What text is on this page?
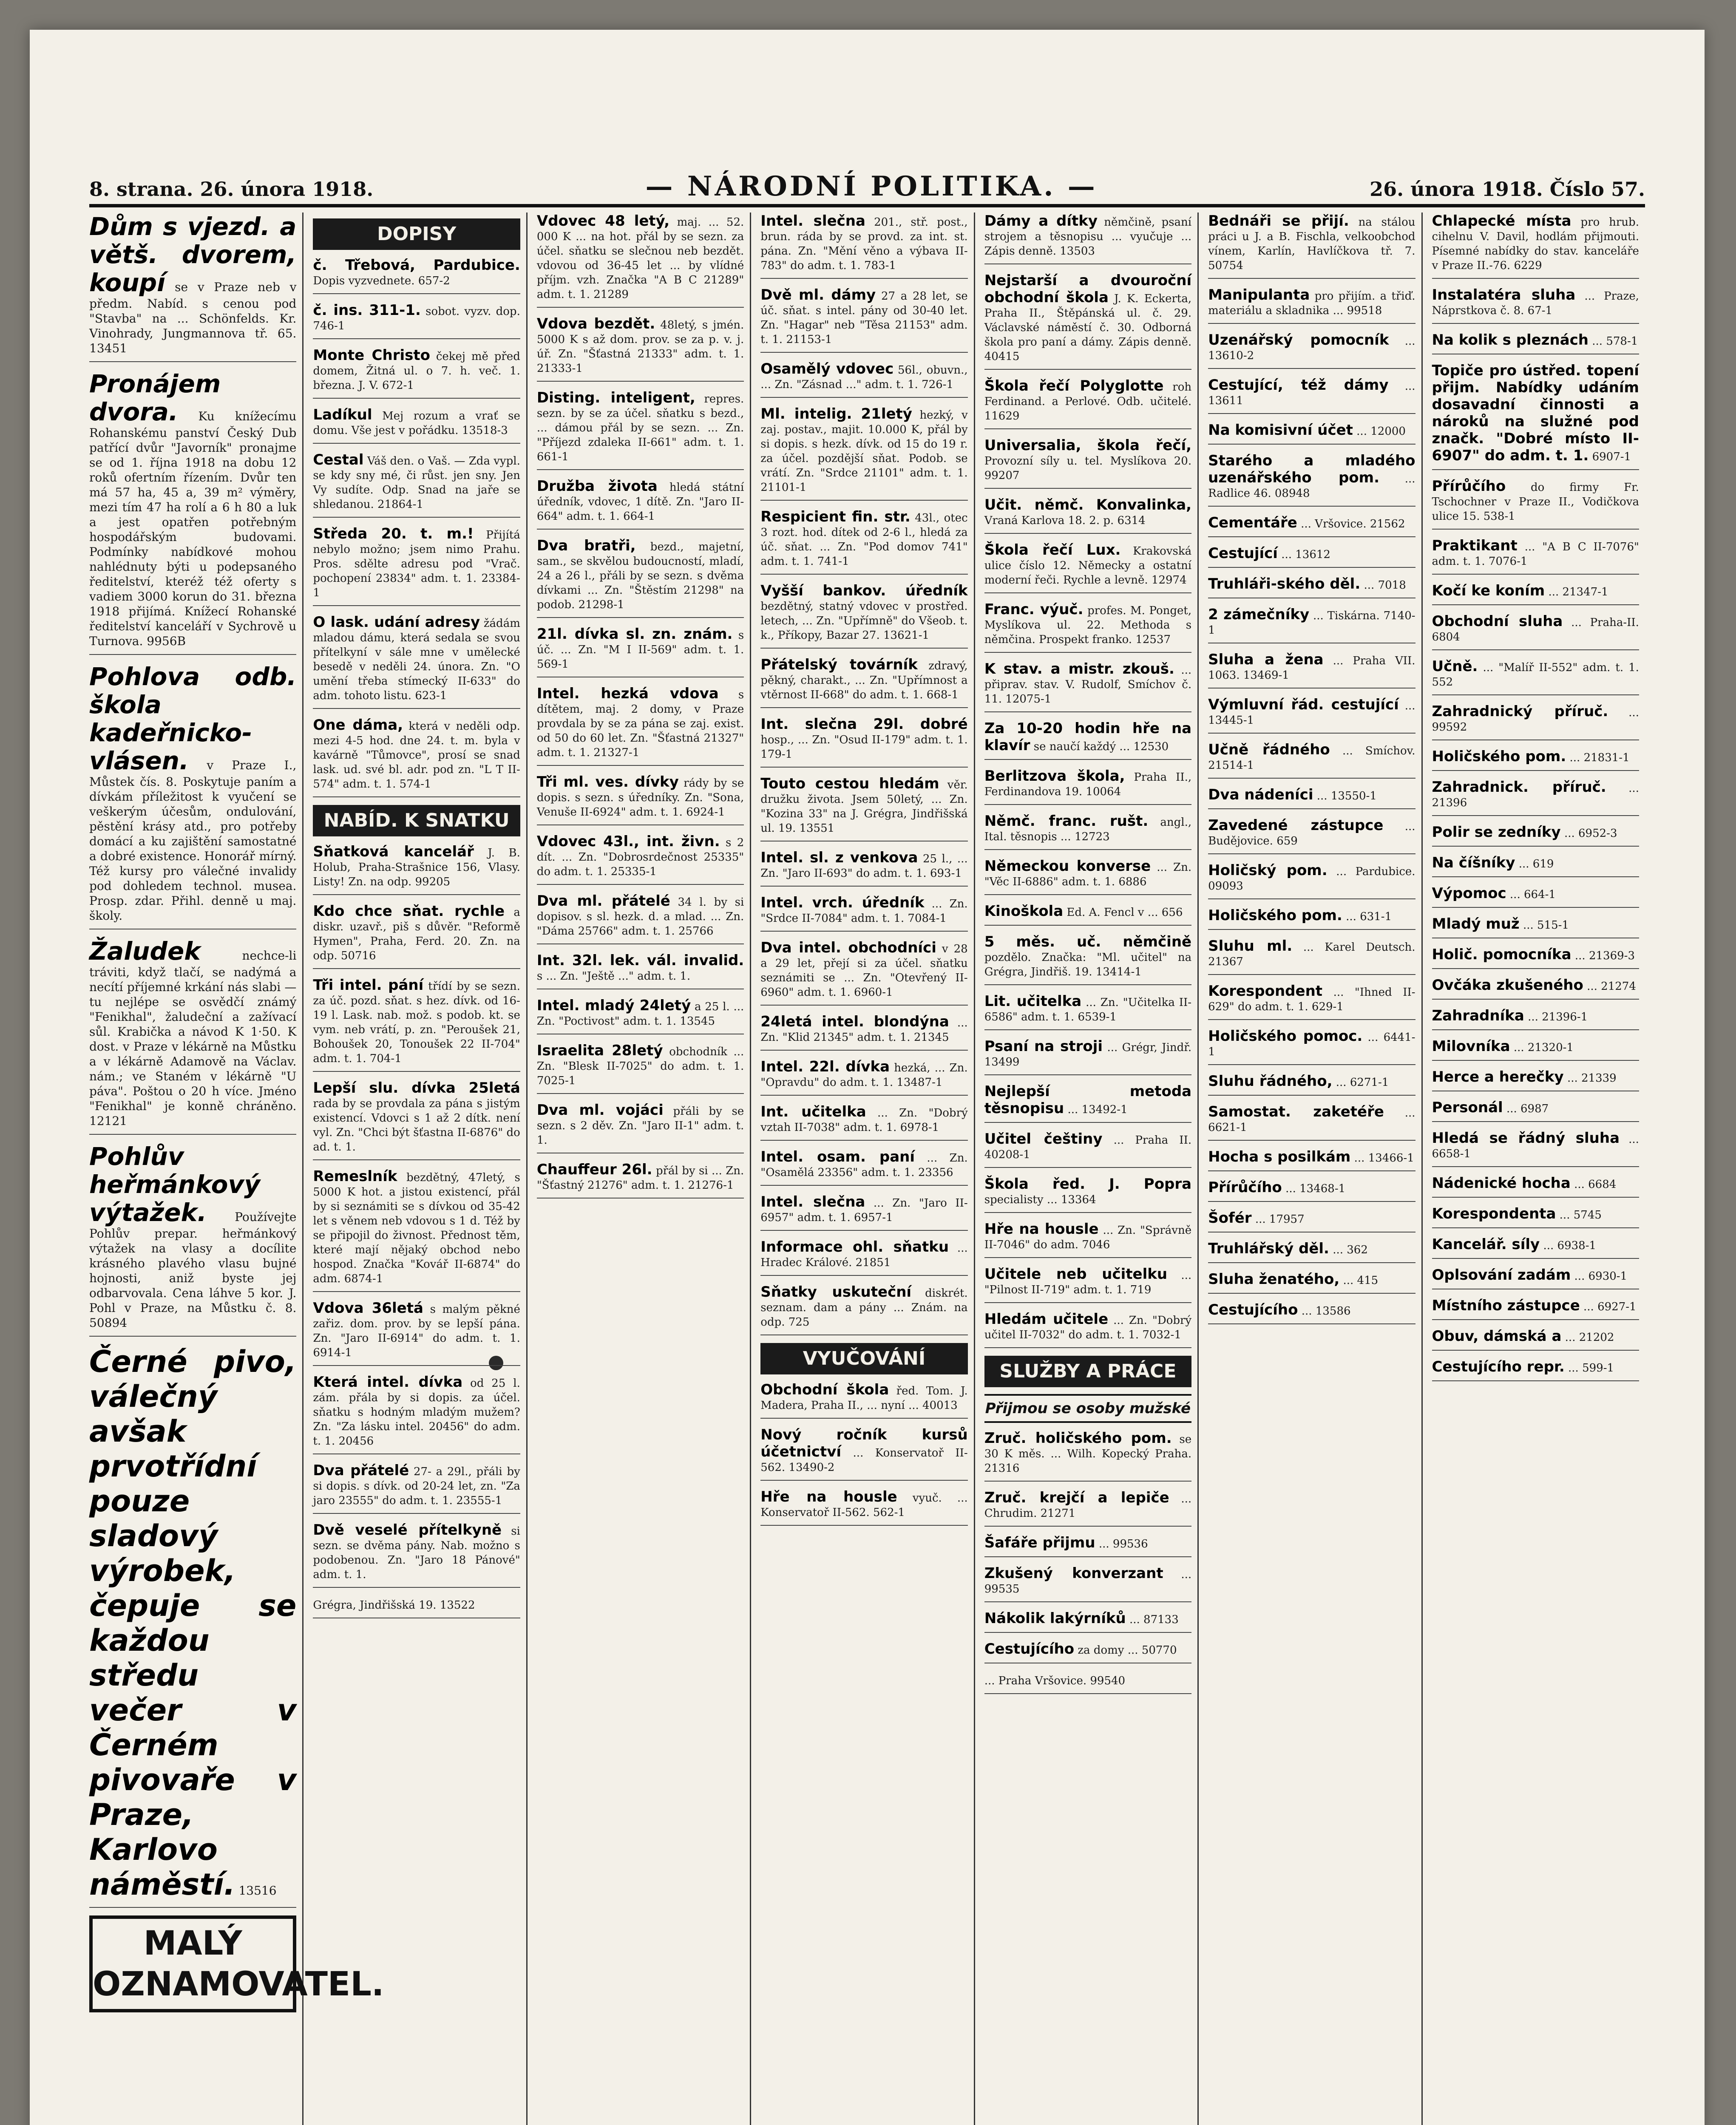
8. strana. 26. února 1918.	— NÁRODNÍ POLITIKA. —	26. února 1918. Číslo 57.
Dům s vjezd. a větš. dvorem, koupí se v Praze neb v předm. Nabíd. s cenou pod "Stavba" na ... Schönfelds. Kr. Vinohrady, Jungmannova tř. 65. 13451
Pronájem dvora. Ku knížecímu Rohanskému panství Český Dub patřící dvůr "Javorník" pronajme se od 1. října 1918 na dobu 12 roků ofertním řízením. Dvůr ten má 57 ha, 45 a, 39 m² výměry, mezi tím 47 ha rolí a 6 h 80 a luk a jest opatřen potřebným hospodářským budovami. Podmínky nabídkové mohou nahlédnuty býti u podepsaného ředitelství, kteréž též oferty s vadiem 3000 korun do 31. března 1918 přijímá. Knížecí Rohanské ředitelství kanceláří v Sychrově u Turnova. 9956B
Pohlova odb. škola kadeřnicko-vlásen. v Praze I., Můstek čís. 8. Poskytuje paním a dívkám příležitost k vyučení se veškerým účesům, ondulování, pěstění krásy atd., pro potřeby domácí a ku zajištění samostatné a dobré existence. Honorář mírný. Též kursy pro válečné invalidy pod dohledem technol. musea. Prosp. zdar. Přihl. denně u maj. školy.
Žaludek	nechce-li tráviti, když tlačí, se nadýmá a necítí příjemné krkání nás slabi — tu nejlépe se osvědčí známý "Fenikhal", žaludeční a zažívací sůl. Krabička a návod K 1·50. K dost. v Praze v lékárně na Můstku a v lékárně Adamově na Václav. nám.; ve Staném v lékárně "U páva". Poštou o 20 h více. Jméno "Fenikhal" je konně chráněno. 12121
Pohlův heřmánkový výtažek. Používejte Pohlův prepar. heřmánkový výtažek na vlasy a docílite krásného plavého vlasu bujné hojnosti, aniž byste jej odbarvovala. Cena láhve 5 kor. J. Pohl v Praze, na Můstku č. 8. 50894
Černé pivo, válečný avšak prvotřídní pouze sladový výrobek, čepuje se každou středu večer v Černém pivovaře v Praze, Karlovo náměstí. 13516
MALÝ OZNAMOVATEL.
DOPISY
č. Třebová, Pardubice. Dopis vyzvednete. 657-2
č. ins. 311-1. sobot. vyzv. dop. 746-1
Monte Christo čekej mě před domem, Žitná ul. o 7. h. več. 1. března. J. V. 672-1
Ladíkul Mej rozum a vrať se domu. Vše jest v pořádku. 13518-3
Cestal Váš den. o Vaš. — Zda vypl. se kdy sny mé, či růst. jen sny. Jen Vy sudíte. Odp. Snad na jaře se shledanou. 21864-1
Středa 20. t. m.! Přijítá nebylo možno; jsem nimo Prahu. Pros. sdělte adresu pod "Vrač. pochopení 23834" adm. t. 1. 23384-1
O lask. udání adresy žádám mladou dámu, která sedala se svou přítelkyní v sále mne v umělecké besedě v neděli 24. února. Zn. "O umění třeba stímecký II-633" do adm. tohoto listu. 623-1
One dáma, která v neděli odp. mezi 4-5 hod. dne 24. t. m. byla v kavárně "Tůmovce", prosí se snad lask. ud. své bl. adr. pod zn. "L T II-574" adm. t. 1. 574-1
NABÍD. K SNATKU
Sňatková kancelář J. B. Holub, Praha-Strašnice 156, Vlasy. Listy! Zn. na odp. 99205
Kdo chce sňat. rychle a diskr. uzavř., piš s důvěr. "Reformě Hymen", Praha, Ferd. 20. Zn. na odp. 50716
Tři intel. pání třídí by se sezn. za úč. pozd. sňat. s hez. dívk. od 16-19 l. Lask. nab. mož. s podob. kt. se vym. neb vrátí, p. zn. "Peroušek 21, Bohoušek 20, Tonoušek 22 II-704" adm. t. 1. 704-1
Lepší slu. dívka 25letá rada by se provdala za pána s jistým existencí. Vdovci s 1 až 2 dítk. není vyl. Zn. "Chci být šťastna II-6876" do ad. t. 1.
Remeslník bezdětný, 47letý, s 5000 K hot. a jistou existencí, přál by si seznámiti se s dívkou od 35-42 let s věnem neb vdovou s 1 d. Též by se připojil do živnost. Přednost těm, které mají nějaký obchod nebo hospod. Značka "Kovář II-6874" do adm. 6874-1
Vdova 36letá s malým pěkné zařiz. dom. prov. by se lepší pána. Zn. "Jaro II-6914" do adm. t. 1. 6914-1
Která intel. dívka od 25 l. zám. přála by si dopis. za účel. sňatku s hodným mladým mužem? Zn. "Za lásku intel. 20456" do adm. t. 1. 20456
Dva přátelé 27- a 29l., přáli by si dopis. s dívk. od 20-24 let, zn. "Za jaro 23555" do adm. t. 1. 23555-1
Dvě veselé přítelkyně si sezn. se dvěma pány. Nab. možno s podobenou. Zn. "Jaro 18 Pánové" adm. t. 1.
Grégra, Jindřišská 19. 13522
Vdovec 48 letý, maj. ... 52. 000 K ... na hot. přál by se sezn. za účel. sňatku se slečnou neb bezdět. vdovou od 36-45 let ... by vlídné příjm. vzh. Značka "A B C 21289" adm. t. 1. 21289
Vdova bezdět. 48letý, s jmén. 5000 K s až dom. prov. se za p. v. j. úř. Zn. "Šťastná 21333" adm. t. 1. 21333-1
Disting. inteligent, repres. sezn. by se za účel. sňatku s bezd., ... dámou přál by se sezn. ... Zn. "Příjezd zdaleka II-661" adm. t. 1. 661-1
Družba života hledá státní úředník, vdovec, 1 dítě. Zn. "Jaro II-664" adm. t. 1. 664-1
Dva bratři, bezd., majetní, sam., se skvělou budoucností, mladí, 24 a 26 l., přáli by se sezn. s dvěma dívkami ... Zn. "Štěstím 21298" na podob. 21298-1
21l. dívka sl. zn. znám. s úč. ... Zn. "M I II-569" adm. t. 1. 569-1
Intel. hezká vdova s dítětem, maj. 2 domy, v Praze provdala by se za pána se zaj. exist. od 50 do 60 let. Zn. "Šťastná 21327" adm. t. 1. 21327-1
Tři ml. ves. dívky rády by se dopis. s sezn. s úředníky. Zn. "Sona, Venuše II-6924" adm. t. 1. 6924-1
Vdovec 43l., int. živn. s 2 dít. ... Zn. "Dobrosrdečnost 25335" do adm. t. 1. 25335-1
Dva ml. přátelé 34 l. by si dopisov. s sl. hezk. d. a mlad. ... Zn. "Dáma 25766" adm. t. 1. 25766
Int. 32l. lek. vál. invalid. s ... Zn. "Ještě ..." adm. t. 1.
Intel. mladý 24letý a 25 l. ... Zn. "Poctivost" adm. t. 1. 13545
Israelita 28letý obchodník ... Zn. "Blesk II-7025" do adm. t. 1. 7025-1
Dva ml. vojáci přáli by se sezn. s 2 děv. Zn. "Jaro II-1" adm. t. 1.
Chauffeur 26l. přál by si ... Zn. "Šťastný 21276" adm. t. 1. 21276-1
Intel. slečna 201., stř. post., brun. ráda by se provd. za int. st. pána. Zn. "Mění věno a výbava II-783" do adm. t. 1. 783-1
Dvě ml. dámy 27 a 28 let, se úč. sňat. s intel. pány od 30-40 let. Zn. "Hagar" neb "Těsa 21153" adm. t. 1. 21153-1
Osamělý vdovec 56l., obuvn., ... Zn. "Zásnad ..." adm. t. 1. 726-1
Ml. intelig. 21letý hezký, v zaj. postav., majit. 10.000 K, přál by si dopis. s hezk. dívk. od 15 do 19 r. za účel. pozdější sňat. Podob. se vrátí. Zn. "Srdce 21101" adm. t. 1. 21101-1
Respicient fin. str. 43l., otec 3 rozt. hod. dítek od 2-6 l., hledá za úč. sňat. ... Zn. "Pod domov 741" adm. t. 1. 741-1
Vyšší bankov. úředník bezdětný, statný vdovec v prostřed. letech, ... Zn. "Upřímně" do Všeob. t. k., Příkopy, Bazar 27. 13621-1
Přátelský továrník zdravý, pěkný, charakt., ... Zn. "Upřímnost a vtěrnost II-668" do adm. t. 1. 668-1
Int. slečna 29l. dobré hosp., ... Zn. "Osud II-179" adm. t. 1. 179-1
Touto cestou hledám věr. družku života. Jsem 50letý, ... Zn. "Kozina 33" na J. Grégra, Jindřišská ul. 19. 13551
Intel. sl. z venkova 25 l., ... Zn. "Jaro II-693" do adm. t. 1. 693-1
Intel. vrch. úředník ... Zn. "Srdce II-7084" adm. t. 1. 7084-1
Dva intel. obchodníci v 28 a 29 let, přejí si za účel. sňatku seznámiti se ... Zn. "Otevřený II-6960" adm. t. 1. 6960-1
24letá intel. blondýna ... Zn. "Klid 21345" adm. t. 1. 21345
Intel. 22l. dívka hezká, ... Zn. "Opravdu" do adm. t. 1. 13487-1
Int. učitelka ... Zn. "Dobrý vztah II-7038" adm. t. 1. 6978-1
Intel. osam. paní ... Zn. "Osamělá 23356" adm. t. 1. 23356
Intel. slečna ... Zn. "Jaro II-6957" adm. t. 1. 6957-1
Informace ohl. sňatku ... Hradec Králové. 21851
Sňatky uskuteční diskrét. seznam. dam a pány ... Znám. na odp. 725
VYUČOVÁNÍ
Obchodní škola řed. Tom. J. Madera, Praha II., ... nyní ... 40013
Nový ročník kursů účetnictví ... Konservatoř II-562. 13490-2
Hře na housle vyuč. ... Konservatoř II-562. 562-1
Dámy a dítky němčině, psaní strojem a těsnopisu ... vyučuje ... Zápis denně. 13503
Nejstarší a dvouroční obchodní škola J. K. Eckerta, Praha II., Štěpánská ul. č. 29. Václavské náměstí č. 30. Odborná škola pro paní a dámy. Zápis denně. 40415
Škola řečí Polyglotte roh Ferdinand. a Perlové. Odb. učitelé. 11629
Universalia, škola řečí, Provozní síly u. tel. Myslíkova 20. 99207
Učit. němč. Konvalinka, Vraná Karlova 18. 2. p. 6314
Škola řečí Lux. Krakovská ulice číslo 12. Německy a ostatní moderní řeči. Rychle a levně. 12974
Franc. výuč. profes. M. Ponget, Myslíkova ul. 22. Methoda s němčina. Prospekt franko. 12537
K stav. a mistr. zkouš. ... připrav. stav. V. Rudolf, Smíchov č. 11. 12075-1
Za 10-20 hodin hře na klavír se naučí každý ... 12530
Berlitzova škola, Praha II., Ferdinandova 19. 10064
Němč. franc. rušt. angl., Ital. těsnopis ... 12723
Německou konverse ... Zn. "Věc II-6886" adm. t. 1. 6886
Kinoškola Ed. A. Fencl v ... 656
5 měs. uč. němčině pozdělo. Značka: "Ml. učitel" na Grégra, Jindřiš. 19. 13414-1
Lit. učitelka ... Zn. "Učitelka II-6586" adm. t. 1. 6539-1
Psaní na stroji ... Grégr, Jindř. 13499
Nejlepší metoda těsnopisu ... 13492-1
Učitel češtiny ... Praha II. 40208-1
Škola řed. J. Popra specialisty ... 13364
Hře na housle ... Zn. "Správně II-7046" do adm. 7046
Učitele neb učitelku ... "Pilnost II-719" adm. t. 1. 719
Hledám učitele ... Zn. "Dobrý učitel II-7032" do adm. t. 1. 7032-1
SLUŽBY A PRÁCE
Přijmou se osoby mužské
Zruč. holičského pom. se 30 K měs. ... Wilh. Kopecký Praha. 21316
Zruč. krejčí a lepiče ... Chrudim. 21271
Šafáře přijmu ... 99536
Zkušený konverzant ... 99535
Nákolik lakýrníků ... 87133
Cestujícího za domy ... 50770
... Praha Vršovice. 99540
Bednáři se přijí. na stálou práci u J. a B. Fischla, velkoobchod vínem, Karlín, Havlíčkova tř. 7. 50754
Manipulanta pro přijím. a třiď. materiálu a skladnika ... 99518
Uzenářský pomocník ... 13610-2
Cestující, též dámy ... 13611
Na komisivní účet ... 12000
Starého a mladého uzenářského pom. ... Radlice 46. 08948
Cementáře ... Vršovice. 21562
Cestující ... 13612
Truhláři-ského děl. ... 7018
2 zámečníky ... Tiskárna. 7140-1
Sluha a žena ... Praha VII. 1063. 13469-1
Výmluvní řád. cestující ... 13445-1
Učně řádného ... Smíchov. 21514-1
Dva nádeníci ... 13550-1
Zavedené zástupce ... Budějovice. 659
Holičský pom. ... Pardubice. 09093
Holičského pom. ... 631-1
Sluhu ml. ... Karel Deutsch. 21367
Korespondent ... "Ihned II-629" do adm. t. 1. 629-1
Holičského pomoc. ... 6441-1
Sluhu řádného, ... 6271-1
Samostat. zaketéře ... 6621-1
Hocha s posilkám ... 13466-1
Přírůčího ... 13468-1
Šofér ... 17957
Truhlářský děl. ... 362
Sluha ženatého, ... 415
Cestujícího ... 13586
Chlapecké místa pro hrub. cihelnu V. Davil, hodlám přijmouti. Písemné nabídky do stav. kanceláře v Praze II.-76. 6229
Instalatéra sluha ... Praze, Náprstkova č. 8. 67-1
Na kolik s pleznách ... 578-1
Topiče pro ústřed. topení přijm. Nabídky udáním dosavadní činnosti a nároků na služné pod značk. "Dobré místo II-6907" do adm. t. 1. 6907-1
Přírůčího do firmy Fr. Tschochner v Praze II., Vodičkova ulice 15. 538-1
Praktikant ... "A B C II-7076" adm. t. 1. 7076-1
Kočí ke koním ... 21347-1
Obchodní sluha ... Praha-II. 6804
Učně. ... "Malíř II-552" adm. t. 1. 552
Zahradnický příruč. ... 99592
Holičského pom. ... 21831-1
Zahradnick. příruč. ... 21396
Polir se zedníky ... 6952-3
Na číšníky ... 619
Výpomoc ... 664-1
Mladý muž ... 515-1
Holič. pomocníka ... 21369-3
Ovčáka zkušeného ... 21274
Zahradníka ... 21396-1
Milovníka ... 21320-1
Herce a herečky ... 21339
Personál ... 6987
Hledá se řádný sluha ... 6658-1
Nádenické hocha ... 6684
Korespondenta ... 5745
Kancelář. síly ... 6938-1
Oplsování zadám ... 6930-1
Místního zástupce ... 6927-1
Obuv, dámská a ... 21202
Cestujícího repr. ... 599-1
